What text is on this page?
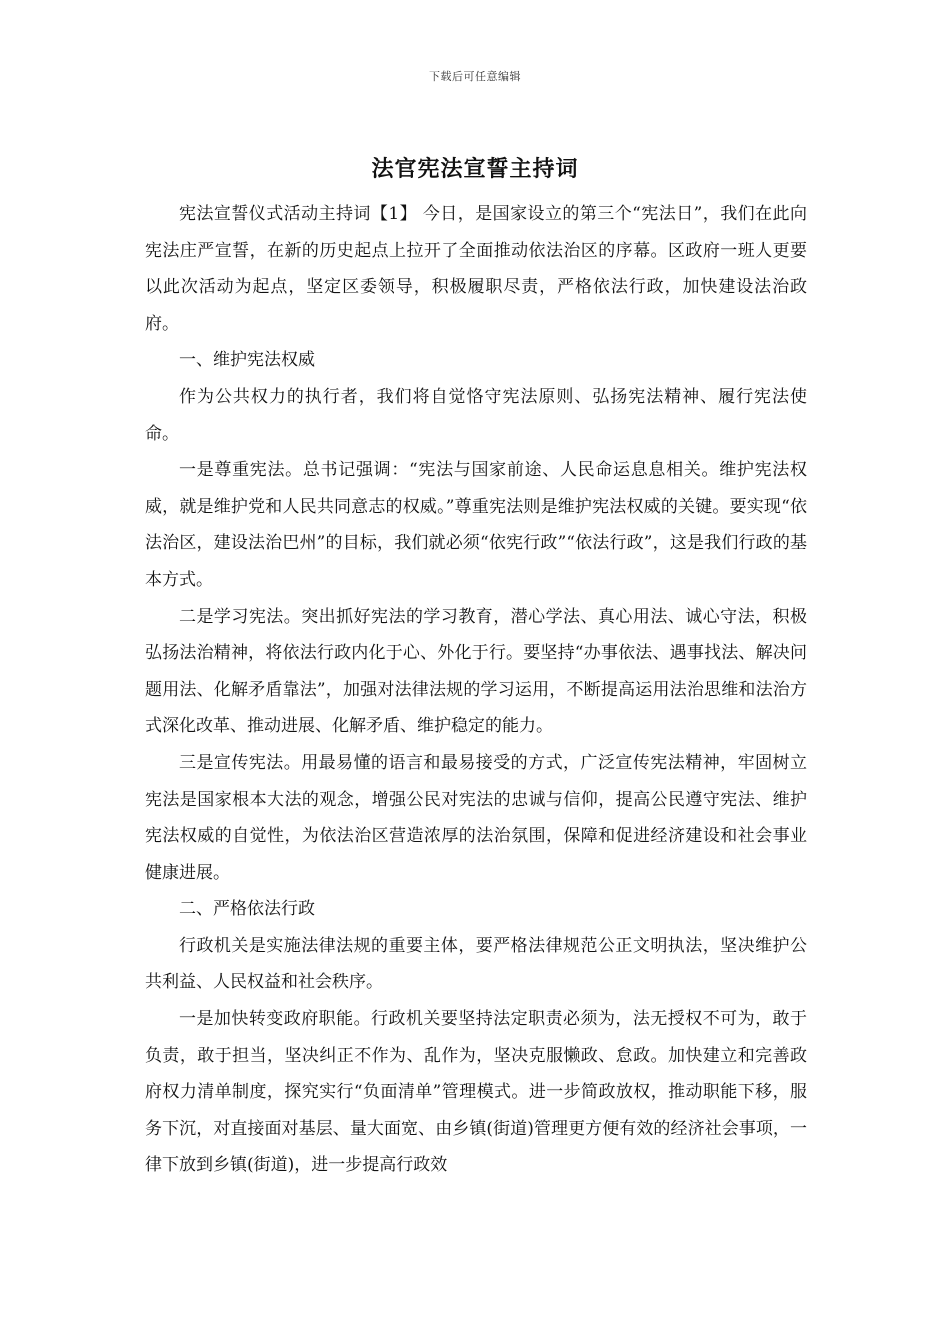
下载后可任意编辑
法官宪法宣誓主持词

宪法宣誓仪式活动主持词【1】 今日，是国家设立的第三个“宪法日”，我们在此向宪法庄严宣誓，在新的历史起点上拉开了全面推动依法治区的序幕。区政府一班人更要以此次活动为起点，坚定区委领导，积极履职尽责，严格依法行政，加快建设法治政府。

一、维护宪法权威

作为公共权力的执行者，我们将自觉恪守宪法原则、弘扬宪法精神、履行宪法使命。

一是尊重宪法。总书记强调：“宪法与国家前途、人民命运息息相关。维护宪法权威，就是维护党和人民共同意志的权威。”尊重宪法则是维护宪法权威的关键。要实现“依法治区，建设法治巴州”的目标，我们就必须“依宪行政”“依法行政”，这是我们行政的基本方式。

二是学习宪法。突出抓好宪法的学习教育，潜心学法、真心用法、诚心守法，积极弘扬法治精神，将依法行政内化于心、外化于行。要坚持“办事依法、遇事找法、解决问题用法、化解矛盾靠法”，加强对法律法规的学习运用，不断提高运用法治思维和法治方式深化改革、推动进展、化解矛盾、维护稳定的能力。

三是宣传宪法。用最易懂的语言和最易接受的方式，广泛宣传宪法精神，牢固树立宪法是国家根本大法的观念，增强公民对宪法的忠诚与信仰，提高公民遵守宪法、维护宪法权威的自觉性，为依法治区营造浓厚的法治氛围，保障和促进经济建设和社会事业健康进展。

二、严格依法行政

行政机关是实施法律法规的重要主体，要严格法律规范公正文明执法，坚决维护公共利益、人民权益和社会秩序。

一是加快转变政府职能。行政机关要坚持法定职责必须为，法无授权不可为，敢于负责，敢于担当，坚决纠正不作为、乱作为，坚决克服懒政、怠政。加快建立和完善政府权力清单制度，探究实行“负面清单”管理模式。进一步简政放权，推动职能下移，服务下沉，对直接面对基层、量大面宽、由乡镇(街道)管理更方便有效的经济社会事项，一律下放到乡镇(街道)，进一步提高行政效
